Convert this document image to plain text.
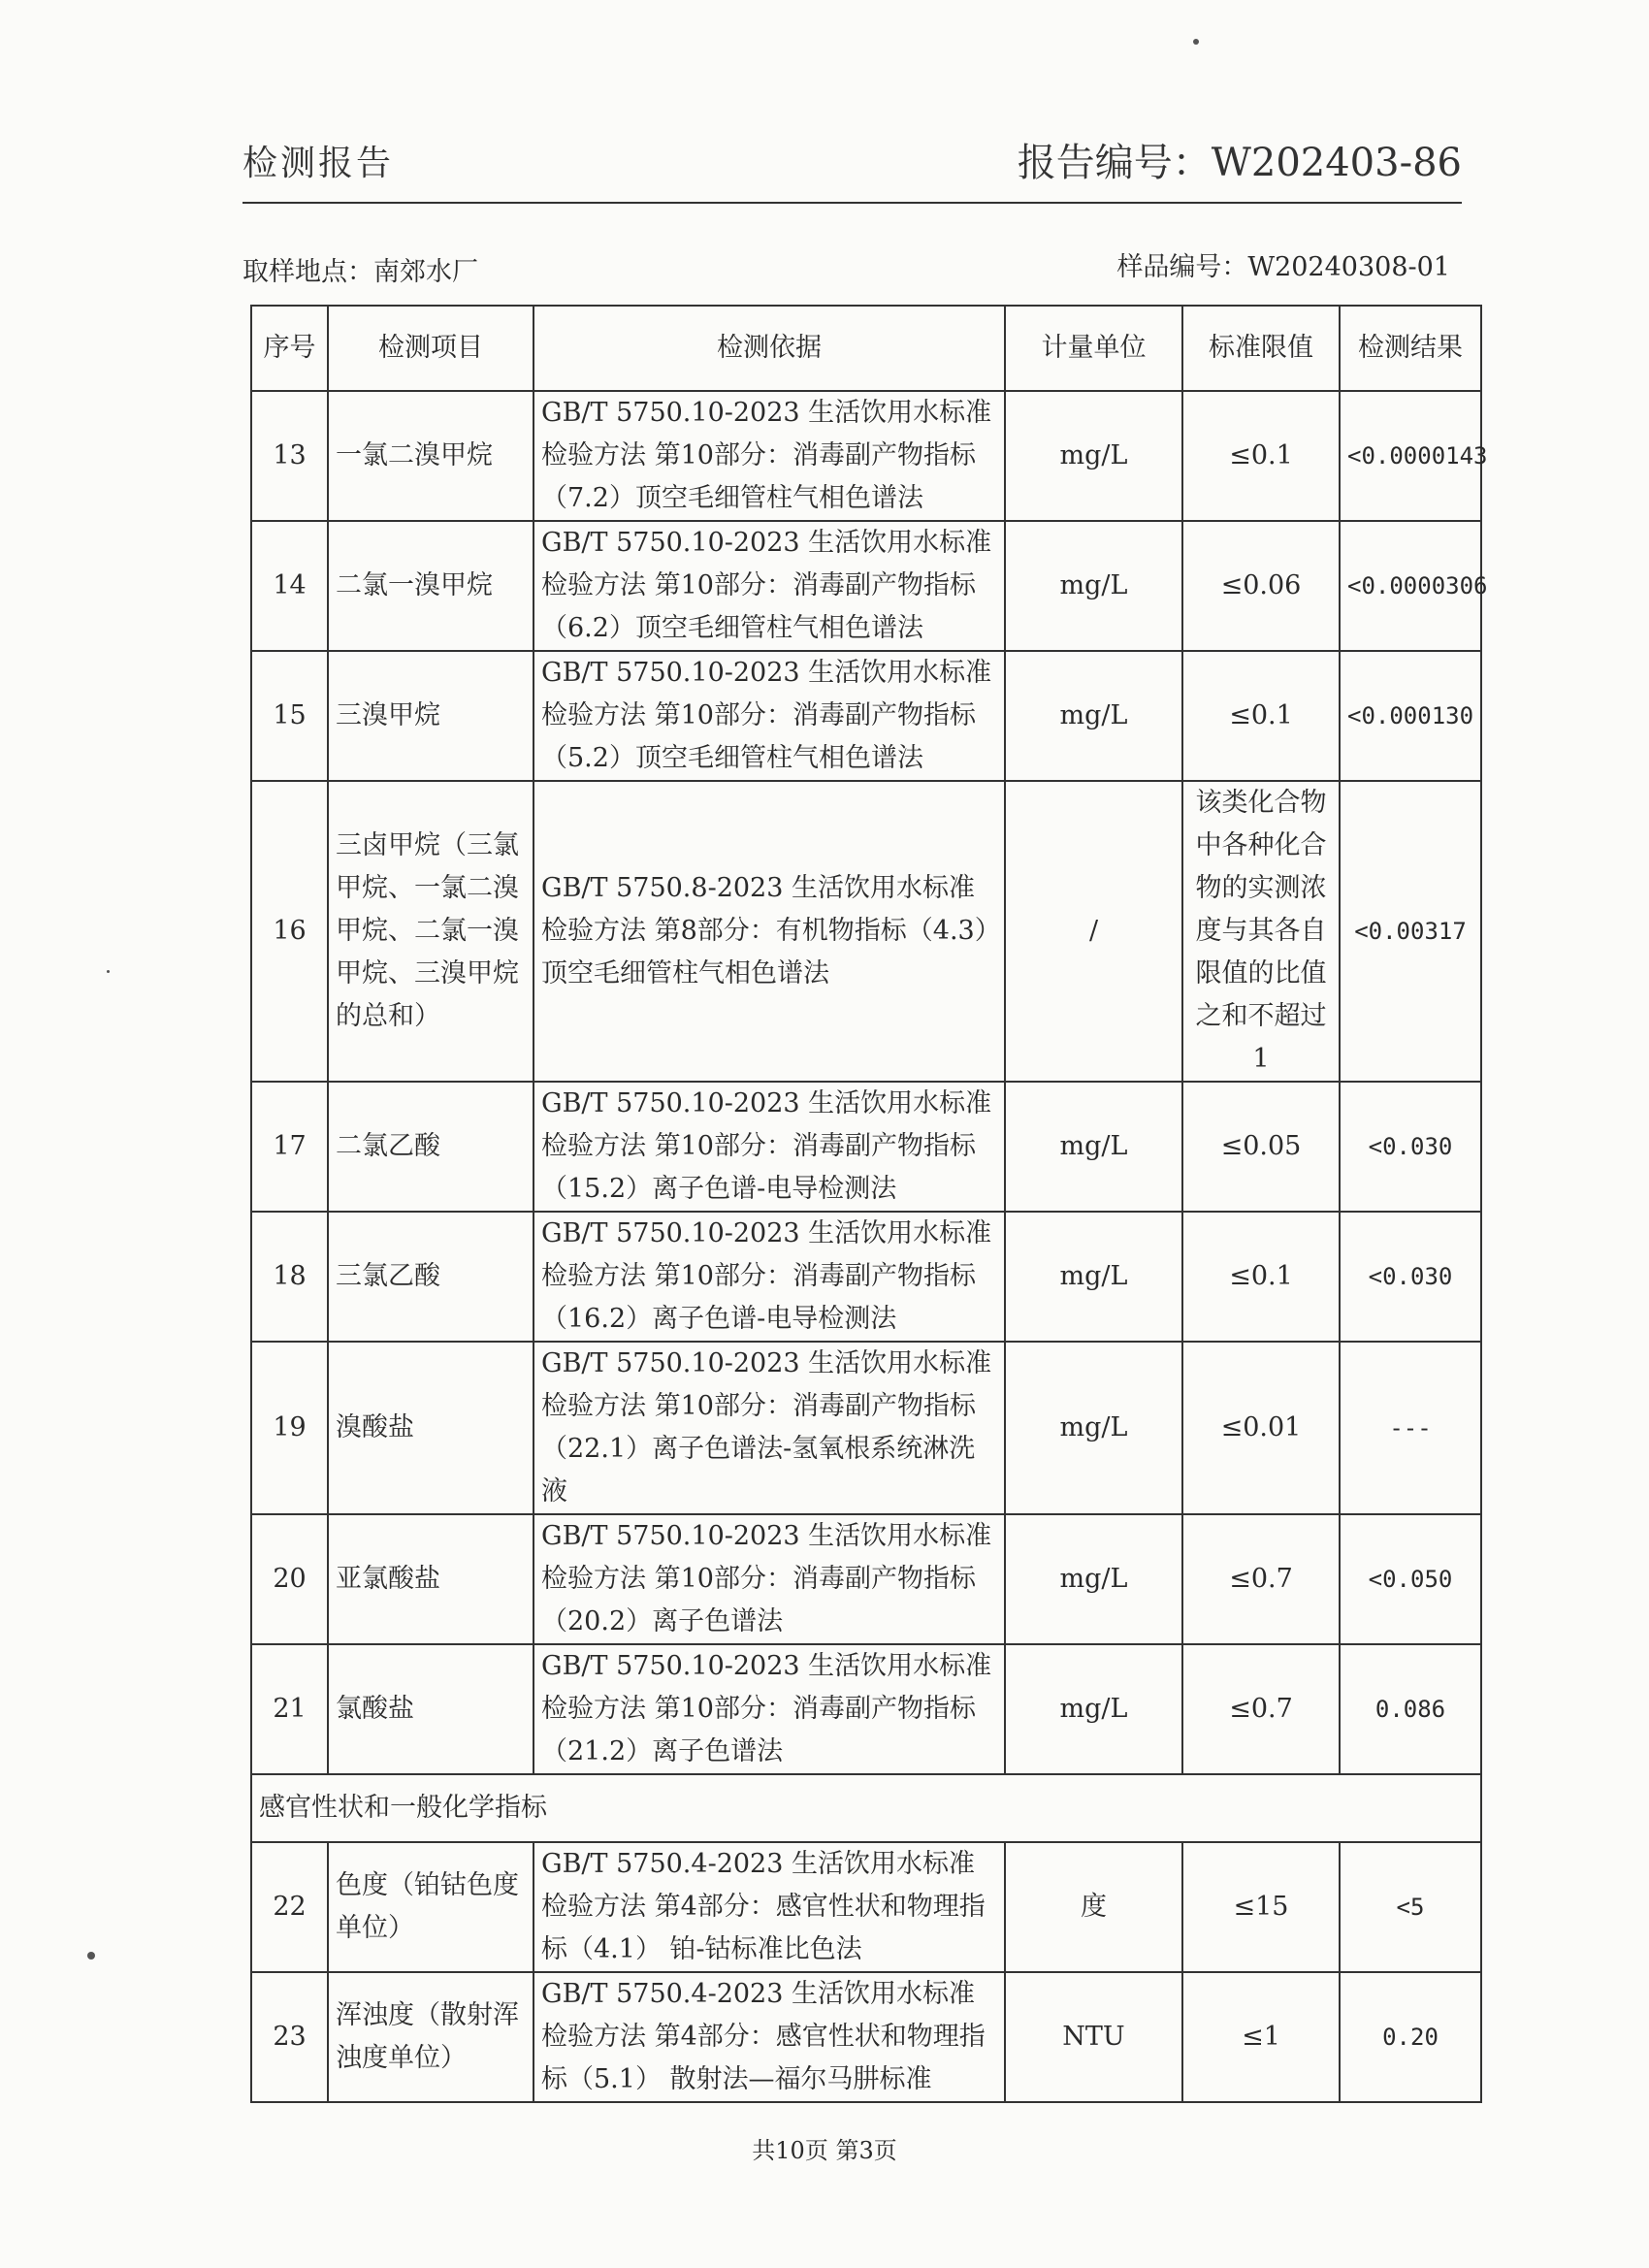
检测报告	报告编号：W202403-86
取样地点：南郊水厂	样品编号：W20240308-01
序号	检测项目	检测依据	计量单位	标准限值	检测结果
13	一氯二溴甲烷	GB/T 5750.10-2023 生活饮用水标准检验方法 第10部分：消毒副产物指标（7.2）顶空毛细管柱气相色谱法	mg/L	≤0.1	<0.0000143
14	二氯一溴甲烷	GB/T 5750.10-2023 生活饮用水标准检验方法 第10部分：消毒副产物指标（6.2）顶空毛细管柱气相色谱法	mg/L	≤0.06	<0.0000306
15	三溴甲烷	GB/T 5750.10-2023 生活饮用水标准检验方法 第10部分：消毒副产物指标（5.2）顶空毛细管柱气相色谱法	mg/L	≤0.1	<0.000130
16	三卤甲烷（三氯甲烷、一氯二溴甲烷、二氯一溴甲烷、三溴甲烷的总和）	GB/T 5750.8-2023 生活饮用水标准检验方法 第8部分：有机物指标（4.3）顶空毛细管柱气相色谱法	/	该类化合物中各种化合物的实测浓度与其各自限值的比值之和不超过1	<0.00317
17	二氯乙酸	GB/T 5750.10-2023 生活饮用水标准检验方法 第10部分：消毒副产物指标 （15.2）离子色谱-电导检测法	mg/L	≤0.05	<0.030
18	三氯乙酸	GB/T 5750.10-2023 生活饮用水标准检验方法 第10部分：消毒副产物指标（16.2）离子色谱-电导检测法	mg/L	≤0.1	<0.030
19	溴酸盐	GB/T 5750.10-2023 生活饮用水标准检验方法 第10部分：消毒副产物指标（22.1）离子色谱法-氢氧根系统淋洗液	mg/L	≤0.01	---
20	亚氯酸盐	GB/T 5750.10-2023 生活饮用水标准检验方法 第10部分：消毒副产物指标（20.2）离子色谱法	mg/L	≤0.7	<0.050
21	氯酸盐	GB/T 5750.10-2023 生活饮用水标准检验方法 第10部分：消毒副产物指标（21.2）离子色谱法	mg/L	≤0.7	0.086
感官性状和一般化学指标					
22	色度（铂钴色度单位）	GB/T 5750.4-2023 生活饮用水标准检验方法 第4部分：感官性状和物理指标（4.1） 铂-钴标准比色法	度	≤15	<5
23	浑浊度（散射浑浊度单位）	GB/T 5750.4-2023 生活饮用水标准检验方法 第4部分：感官性状和物理指标（5.1） 散射法—福尔马肼标准	NTU	≤1	0.20
共10页 第3页
